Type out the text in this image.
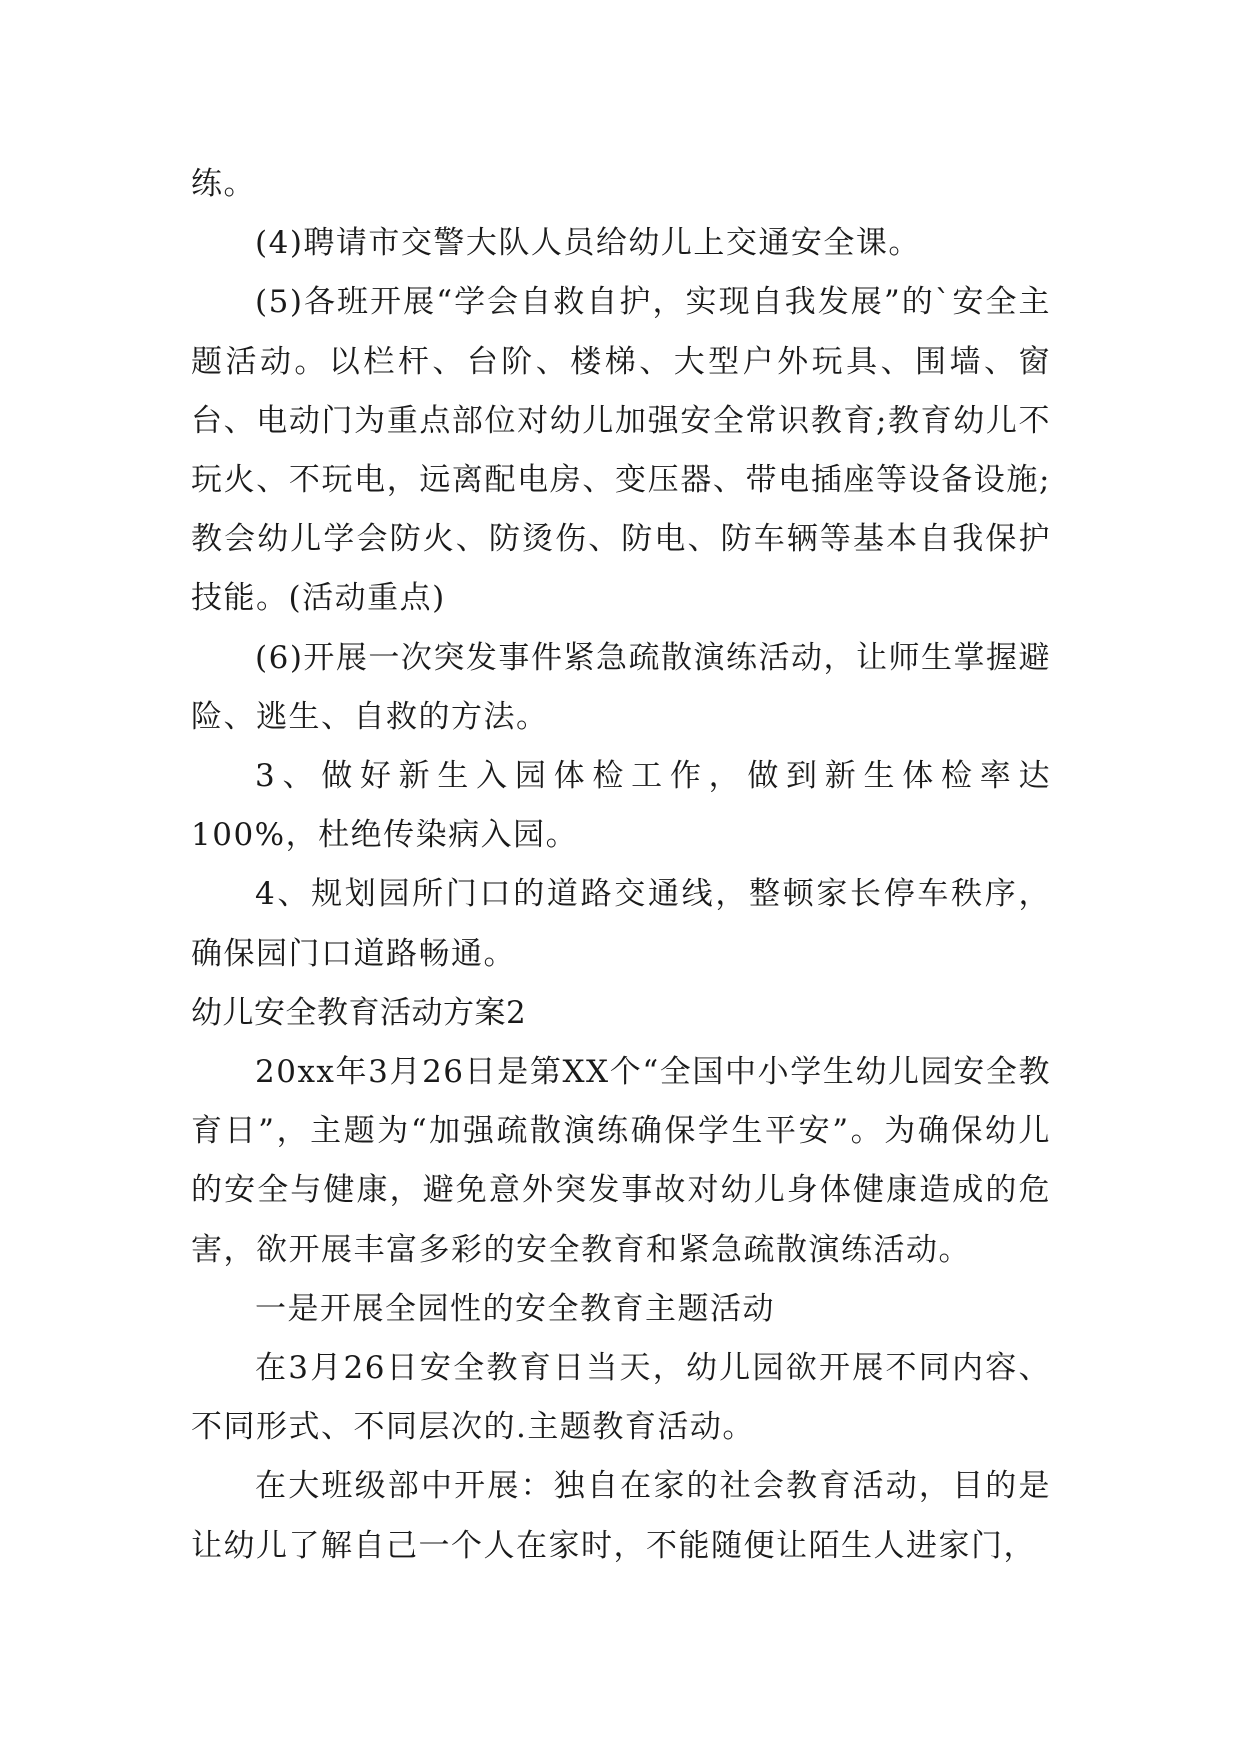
练。

(4)聘请市交警大队人员给幼儿上交通安全课。

(5)各班开展“学会自救自护，实现自我发展”的`安全主题活动。以栏杆、台阶、楼梯、大型户外玩具、围墙、窗台、电动门为重点部位对幼儿加强安全常识教育;教育幼儿不玩火、不玩电，远离配电房、变压器、带电插座等设备设施;教会幼儿学会防火、防烫伤、防电、防车辆等基本自我保护技能。(活动重点)

(6)开展一次突发事件紧急疏散演练活动，让师生掌握避险、逃生、自救的方法。

3、做好新生入园体检工作，做到新生体检率达100%，杜绝传染病入园。

4、规划园所门口的道路交通线，整顿家长停车秩序，确保园门口道路畅通。

幼儿安全教育活动方案2

20xx年3月26日是第XX个“全国中小学生幼儿园安全教育日”，主题为“加强疏散演练确保学生平安”。为确保幼儿的安全与健康，避免意外突发事故对幼儿身体健康造成的危害，欲开展丰富多彩的安全教育和紧急疏散演练活动。

一是开展全园性的安全教育主题活动

在3月26日安全教育日当天，幼儿园欲开展不同内容、不同形式、不同层次的.主题教育活动。

在大班级部中开展：独自在家的社会教育活动，目的是让幼儿了解自己一个人在家时，不能随便让陌生人进家门，
